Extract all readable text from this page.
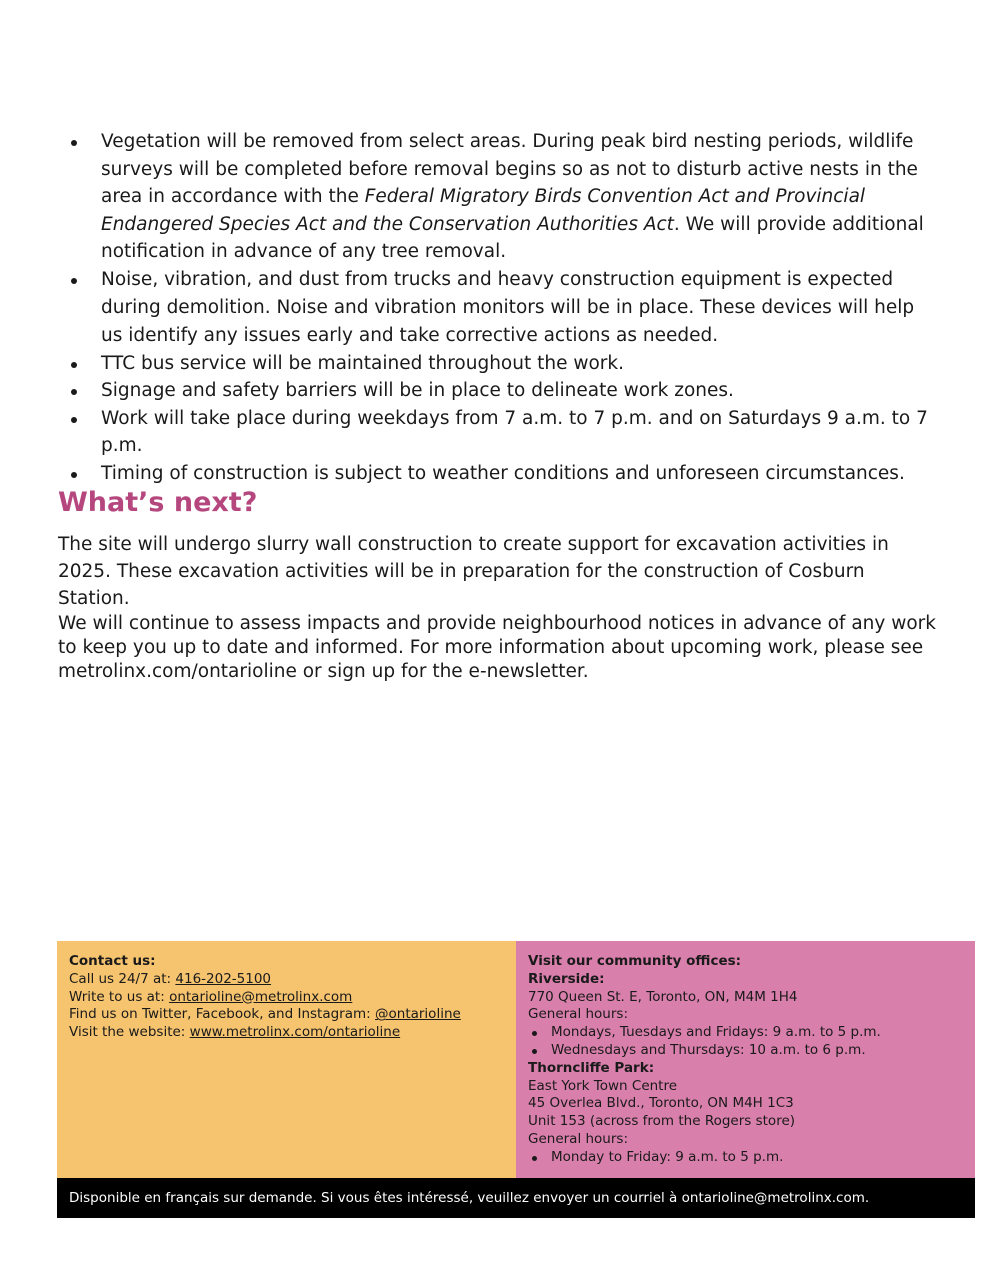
Vegetation will be removed from select areas. During peak bird nesting periods, wildlife surveys will be completed before removal begins so as not to disturb active nests in the area in accordance with the Federal Migratory Birds Convention Act and Provincial Endangered Species Act and the Conservation Authorities Act. We will provide additional notification in advance of any tree removal.
Noise, vibration, and dust from trucks and heavy construction equipment is expected during demolition. Noise and vibration monitors will be in place. These devices will help us identify any issues early and take corrective actions as needed.
TTC bus service will be maintained throughout the work.
Signage and safety barriers will be in place to delineate work zones.
Work will take place during weekdays from 7 a.m. to 7 p.m. and on Saturdays 9 a.m. to 7 p.m.
Timing of construction is subject to weather conditions and unforeseen circumstances.
What’s next?

The site will undergo slurry wall construction to create support for excavation activities in 2025. These excavation activities will be in preparation for the construction of Cosburn Station.

We will continue to assess impacts and provide neighbourhood notices in advance of any work to keep you up to date and informed. For more information about upcoming work, please see metrolinx.com/ontarioline or sign up for the e-newsletter.

Contact us:
Call us 24/7 at: 416-202-5100
Write to us at: ontarioline@metrolinx.com
Find us on Twitter, Facebook, and Instagram: @ontarioline
Visit the website: www.metrolinx.com/ontarioline
Visit our community offices:
Riverside:
770 Queen St. E, Toronto, ON, M4M 1H4
General hours:
Mondays, Tuesdays and Fridays: 9 a.m. to 5 p.m.
Wednesdays and Thursdays: 10 a.m. to 6 p.m.
Thorncliffe Park:
East York Town Centre
45 Overlea Blvd., Toronto, ON M4H 1C3
Unit 153 (across from the Rogers store)
General hours:
Monday to Friday: 9 a.m. to 5 p.m.
Disponible en français sur demande. Si vous êtes intéressé, veuillez envoyer un courriel à ontarioline@metrolinx.com.
